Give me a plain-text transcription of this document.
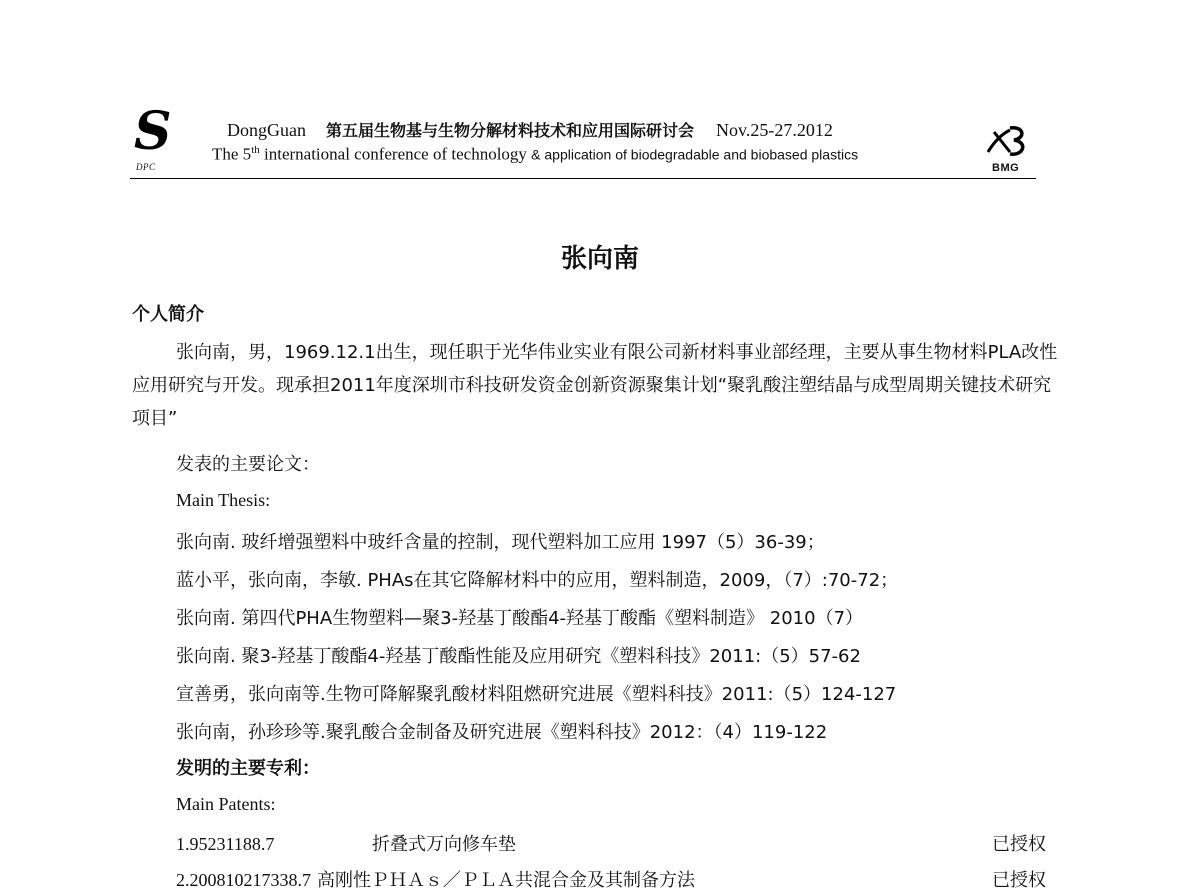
S
DPC
DongGuan 第五届生物基与生物分解材料技术和应用国际研讨会 Nov.25-27.2012
The 5th international conference of technology & application of biodegradable and biobased plastics
BMG
张向南
个人简介

张向南，男，1969.12.1出生，现任职于光华伟业实业有限公司新材料事业部经理，主要从事生物材料PLA改性应用研究与开发。现承担2011年度深圳市科技研发资金创新资源聚集计划“聚乳酸注塑结晶与成型周期关键技术研究项目”

发表的主要论文：
Main Thesis:
张向南. 玻纤增强塑料中玻纤含量的控制，现代塑料加工应用 1997（5）36-39；
蓝小平，张向南，李敏. PHAs在其它降解材料中的应用，塑料制造，2009，（7）:70-72；
张向南. 第四代PHA生物塑料—聚3-羟基丁酸酯4-羟基丁酸酯《塑料制造》 2010（7）
张向南. 聚3-羟基丁酸酯4-羟基丁酸酯性能及应用研究《塑料科技》2011:（5）57-62
宣善勇，张向南等.生物可降解聚乳酸材料阻燃研究进展《塑料科技》2011:（5）124-127
张向南，孙珍珍等.聚乳酸合金制备及研究进展《塑料科技》2012：（4）119-122
发明的主要专利：
Main Patents:
1.95231188.7	折叠式万向修车垫	已授权
2.200810217338.7 高刚性ＰＨＡｓ／ＰＬＡ共混合金及其制备方法	已授权
